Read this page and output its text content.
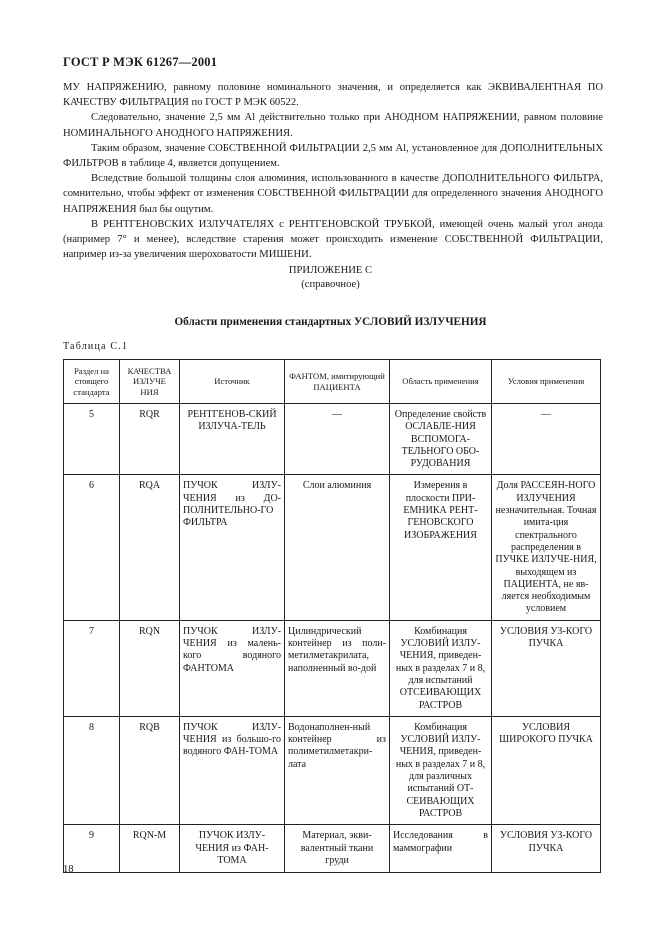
ГОСТ Р МЭК 61267—2001

МУ НАПРЯЖЕНИЮ, равному половине номинального значения, и определяется как ЭКВИВАЛЕНТНАЯ ПО КАЧЕСТВУ ФИЛЬТРАЦИЯ по ГОСТ Р МЭК 60522.

Следовательно, значение 2,5 мм Al действительно только при АНОДНОМ НАПРЯЖЕНИИ, равном половине НОМИНАЛЬНОГО АНОДНОГО НАПРЯЖЕНИЯ.

Таким образом, значение СОБСТВЕННОЙ ФИЛЬТРАЦИИ 2,5 мм Al, установленное для ДОПОЛНИТЕЛЬНЫХ ФИЛЬТРОВ в таблице 4, является допущением.

Вследствие большой толщины слоя алюминия, использованного в качестве ДОПОЛНИТЕЛЬНОГО ФИЛЬТРА, сомнительно, чтобы эффект от изменения СОБСТВЕННОЙ ФИЛЬТРАЦИИ для определенного значения АНОДНОГО НАПРЯЖЕНИЯ был бы ощутим.

В РЕНТГЕНОВСКИХ ИЗЛУЧАТЕЛЯХ с РЕНТГЕНОВСКОЙ ТРУБКОЙ, имеющей очень малый угол анода (например 7° и менее), вследствие старения может происходить изменение СОБСТВЕННОЙ ФИЛЬТРАЦИИ, например из-за увеличения шероховатости МИШЕНИ.

ПРИЛОЖЕНИЕ С
(справочное)
Области применения стандартных УСЛОВИЙ ИЗЛУЧЕНИЯ
Таблица С.1
Раздел на стоящего стандарта	КАЧЕСТВА ИЗЛУЧЕ НИЯ	Источник	ФАНТОМ, имитирующий ПАЦИЕНТА	Область применения	Условия применения
5	RQR	РЕНТГЕНОВ-СКИЙ ИЗЛУЧА-ТЕЛЬ	—	Определение свойств ОСЛАБЛЕ-НИЯ ВСПОМОГА-ТЕЛЬНОГО ОБО-РУДОВАНИЯ	—
6	RQA	ПУЧОК ИЗЛУ-ЧЕНИЯ из ДО-ПОЛНИТЕЛЬНО-ГО ФИЛЬТРА	Слои алюминия	Измерения в плоскости ПРИ-ЕМНИКА РЕНТ-ГЕНОВСКОГО ИЗОБРАЖЕНИЯ	Доля РАССЕЯН-НОГО ИЗЛУЧЕНИЯ незначительная. Точная имита-ция спектрального распределения в ПУЧКЕ ИЗЛУЧЕ-НИЯ, выходящем из ПАЦИЕНТА, не яв-ляется необходимым условием
7	RQN	ПУЧОК ИЗЛУ-ЧЕНИЯ из малень-кого водяного ФАНТОМА	Цилиндрический контейнер из поли-метилметакрилата, наполненный во-дой	Комбинация УСЛОВИЙ ИЗЛУ-ЧЕНИЯ, приведен-ных в разделах 7 и 8, для испытаний ОТСЕИВАЮЩИХ РАСТРОВ	УСЛОВИЯ УЗ-КОГО ПУЧКА
8	RQB	ПУЧОК ИЗЛУ-ЧЕНИЯ из большо-го водяного ФАН-ТОМА	Водонаполнен-ный контейнер из полиметилметакри-лата	Комбинация УСЛОВИЙ ИЗЛУ-ЧЕНИЯ, приведен-ных в разделах 7 и 8, для различных испытаний ОТ-СЕИВАЮЩИХ РАСТРОВ	УСЛОВИЯ ШИРОКОГО ПУЧКА
9	RQN-M	ПУЧОК ИЗЛУ-ЧЕНИЯ из ФАН-ТОМА	Материал, экви-валентный ткани груди	Исследования в маммографии	УСЛОВИЯ УЗ-КОГО ПУЧКА
18
